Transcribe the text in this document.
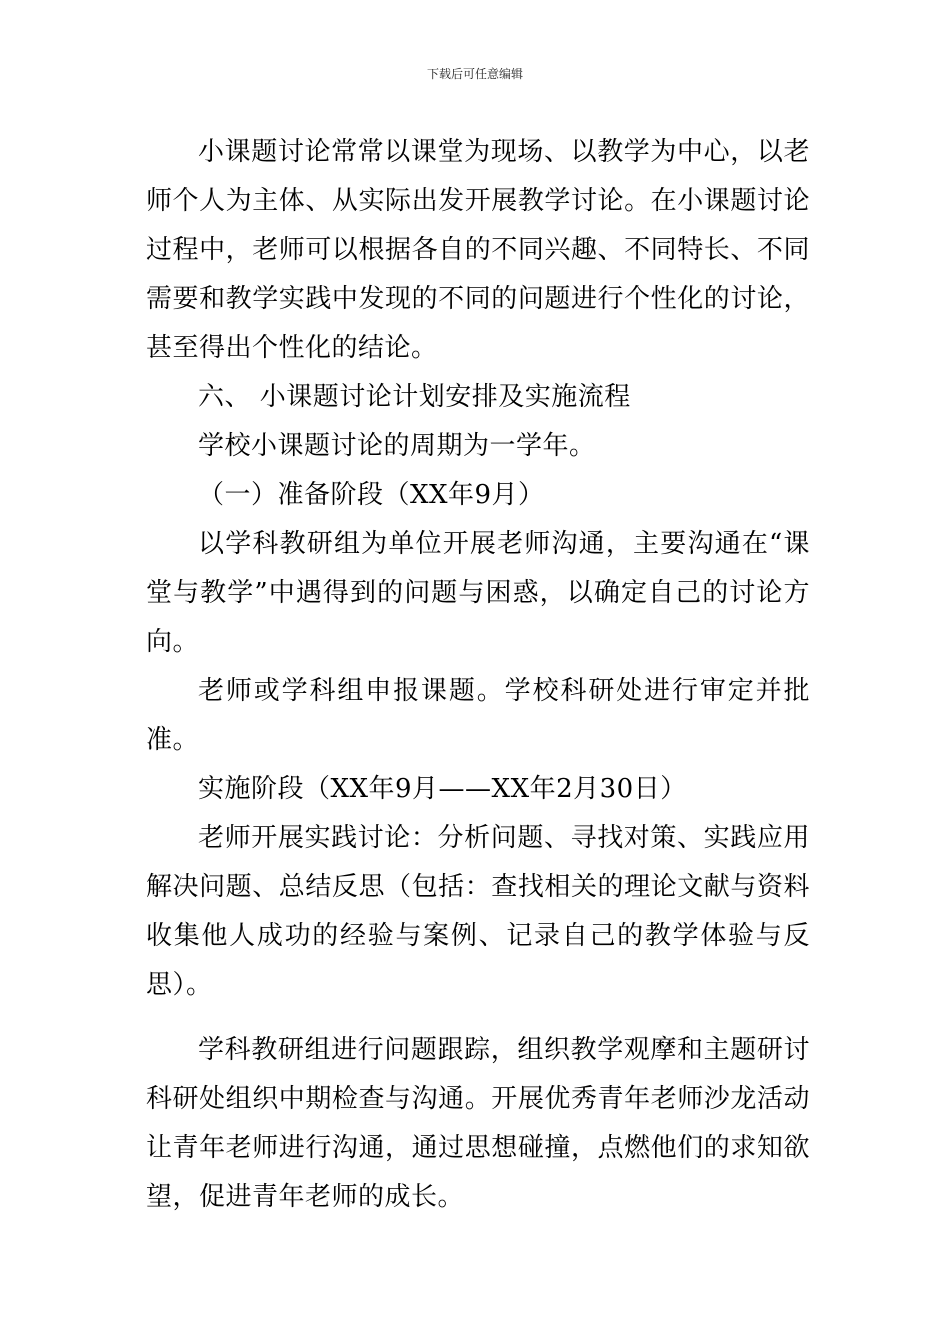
下载后可任意编辑

小课题讨论常常以课堂为现场、以教学为中心，以老师个人为主体、从实际出发开展教学讨论。在小课题讨论过程中，老师可以根据各自的不同兴趣、不同特长、不同需要和教学实践中发现的不同的问题进行个性化的讨论，甚至得出个性化的结论。

六、 小课题讨论计划安排及实施流程

学校小课题讨论的周期为一学年。

（一）准备阶段（XX年9月）

以学科教研组为单位开展老师沟通，主要沟通在“课堂与教学”中遇得到的问题与困惑，以确定自己的讨论方向。

老师或学科组申报课题。学校科研处进行审定并批准。

实施阶段（XX年9月——XX年2月30日）

老师开展实践讨论：分析问题、寻找对策、实践应用解决问题、总结反思（包括：查找相关的理论文献与资料收集他人成功的经验与案例、记录自己的教学体验与反思）。

学科教研组进行问题跟踪，组织教学观摩和主题研讨科研处组织中期检查与沟通。开展优秀青年老师沙龙活动让青年老师进行沟通，通过思想碰撞，点燃他们的求知欲望，促进青年老师的成长。
